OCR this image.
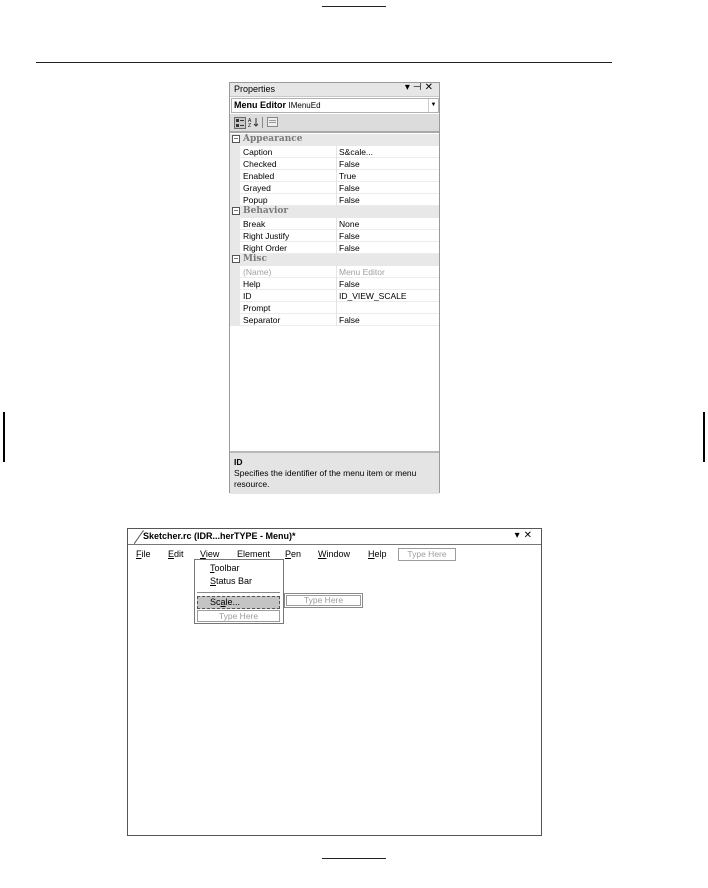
Properties	▾⊣✕
Menu Editor IMenuEd	▼
A
Z
− Appearance
Caption	S&cale...
Checked	False
Enabled	True
Grayed	False
Popup	False
− Behavior
Break	None
Right Justify	False
Right Order	False
− Misc
(Name)	Menu Editor
Help	False
ID	ID_VIEW_SCALE
Prompt
Separator	False
ID
Specifies the identifier of the menu item or menu resource.
Sketcher.rc (IDR...herTYPE - Menu)*	▾✕
File Edit View Element Pen Window Help	Type Here
Toolbar
Status Bar
Scale...
Type Here
Type Here
